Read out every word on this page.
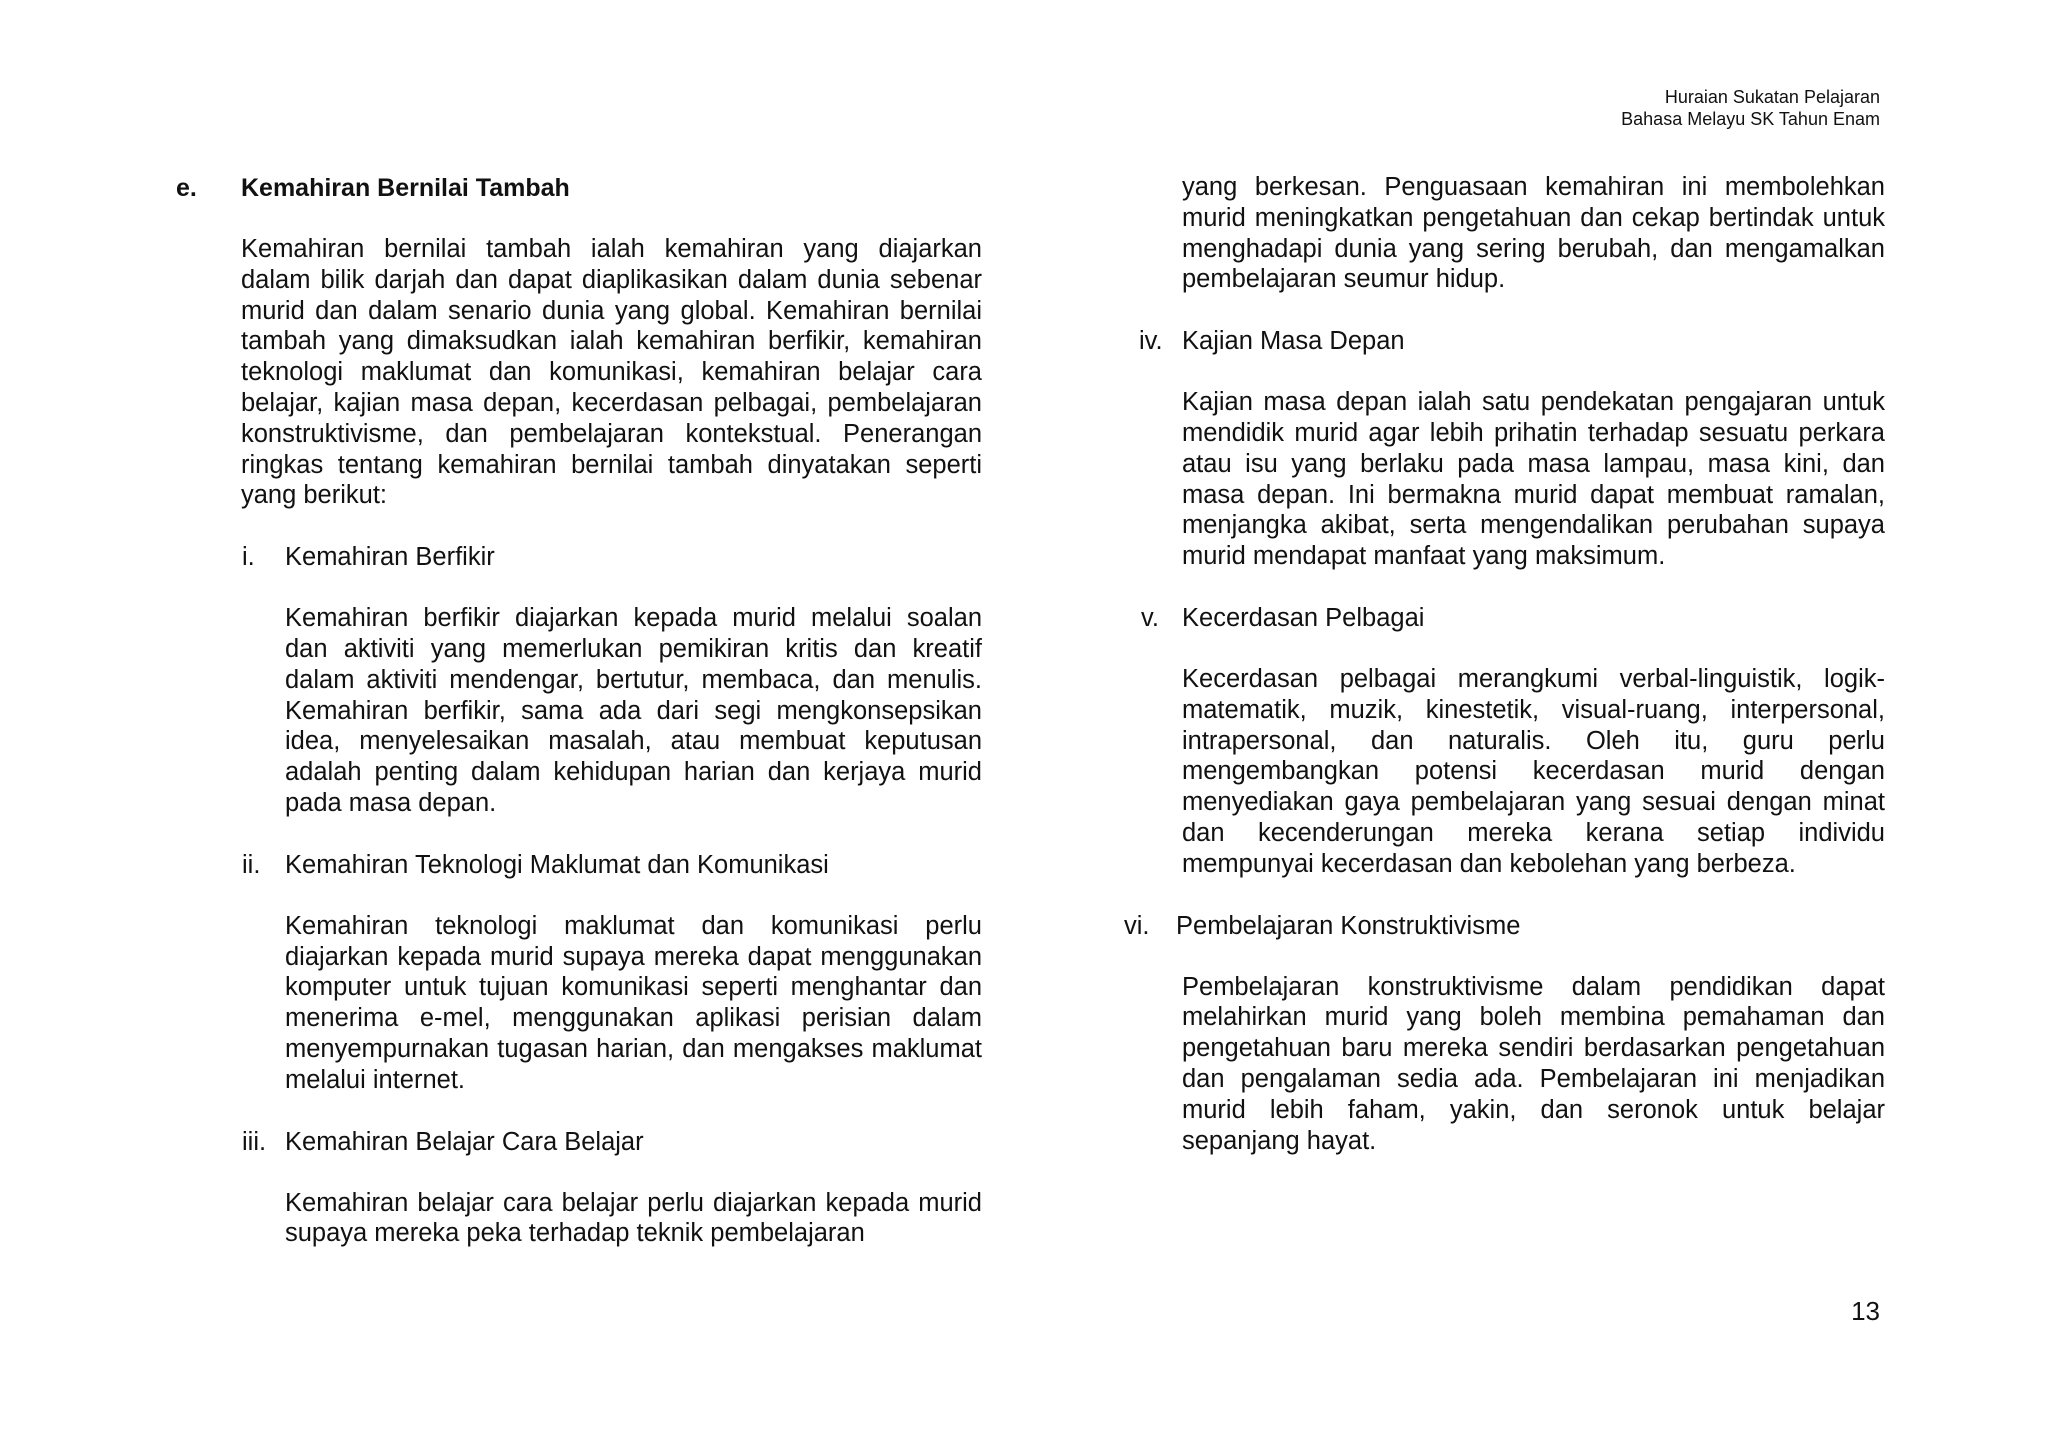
Huraian Sukatan Pelajaran
Bahasa Melayu SK Tahun Enam
e.	Kemahiran Bernilai Tambah

Kemahiran bernilai tambah ialah kemahiran yang diajarkan dalam bilik darjah dan dapat diaplikasikan dalam dunia sebenar murid dan dalam senario dunia yang global. Kemahiran bernilai tambah yang dimaksudkan ialah kemahiran berfikir, kemahiran teknologi maklumat dan komunikasi, kemahiran belajar cara belajar, kajian masa depan, kecerdasan pelbagai, pembelajaran konstruktivisme, dan pembelajaran kontekstual. Penerangan ringkas tentang kemahiran bernilai tambah dinyatakan seperti yang berikut:

i.	Kemahiran Berfikir

Kemahiran berfikir diajarkan kepada murid melalui soalan dan aktiviti yang memerlukan pemikiran kritis dan kreatif dalam aktiviti mendengar, bertutur, membaca, dan menulis. Kemahiran berfikir, sama ada dari segi mengkonsepsikan idea, menyelesaikan masalah, atau membuat keputusan adalah penting dalam kehidupan harian dan kerjaya murid pada masa depan.

ii. Kemahiran Teknologi Maklumat dan Komunikasi

Kemahiran teknologi maklumat dan komunikasi perlu diajarkan kepada murid supaya mereka dapat menggunakan komputer untuk tujuan komunikasi seperti menghantar dan menerima e-mel, menggunakan aplikasi perisian dalam menyempurnakan tugasan harian, dan mengakses maklumat melalui internet.

iii. Kemahiran Belajar Cara Belajar

Kemahiran belajar cara belajar perlu diajarkan kepada murid supaya mereka peka terhadap teknik pembelajaran

yang berkesan. Penguasaan kemahiran ini membolehkan murid meningkatkan pengetahuan dan cekap bertindak untuk menghadapi dunia yang sering berubah, dan mengamalkan pembelajaran seumur hidup.

iv. Kajian Masa Depan

Kajian masa depan ialah satu pendekatan pengajaran untuk mendidik murid agar lebih prihatin terhadap sesuatu perkara atau isu yang berlaku pada masa lampau, masa kini, dan masa depan. Ini bermakna murid dapat membuat ramalan, menjangka akibat, serta mengendalikan perubahan supaya murid mendapat manfaat yang maksimum.

v. Kecerdasan Pelbagai

Kecerdasan pelbagai merangkumi verbal-linguistik, logik-matematik, muzik, kinestetik, visual-ruang, interpersonal, intrapersonal, dan naturalis. Oleh itu, guru perlu mengembangkan potensi kecerdasan murid dengan menyediakan gaya pembelajaran yang sesuai dengan minat dan kecenderungan mereka kerana setiap individu mempunyai kecerdasan dan kebolehan yang berbeza.

vi.	Pembelajaran Konstruktivisme

Pembelajaran konstruktivisme dalam pendidikan dapat melahirkan murid yang boleh membina pemahaman dan pengetahuan baru mereka sendiri berdasarkan pengetahuan dan pengalaman sedia ada. Pembelajaran ini menjadikan murid lebih faham, yakin, dan seronok untuk belajar sepanjang hayat.

13
